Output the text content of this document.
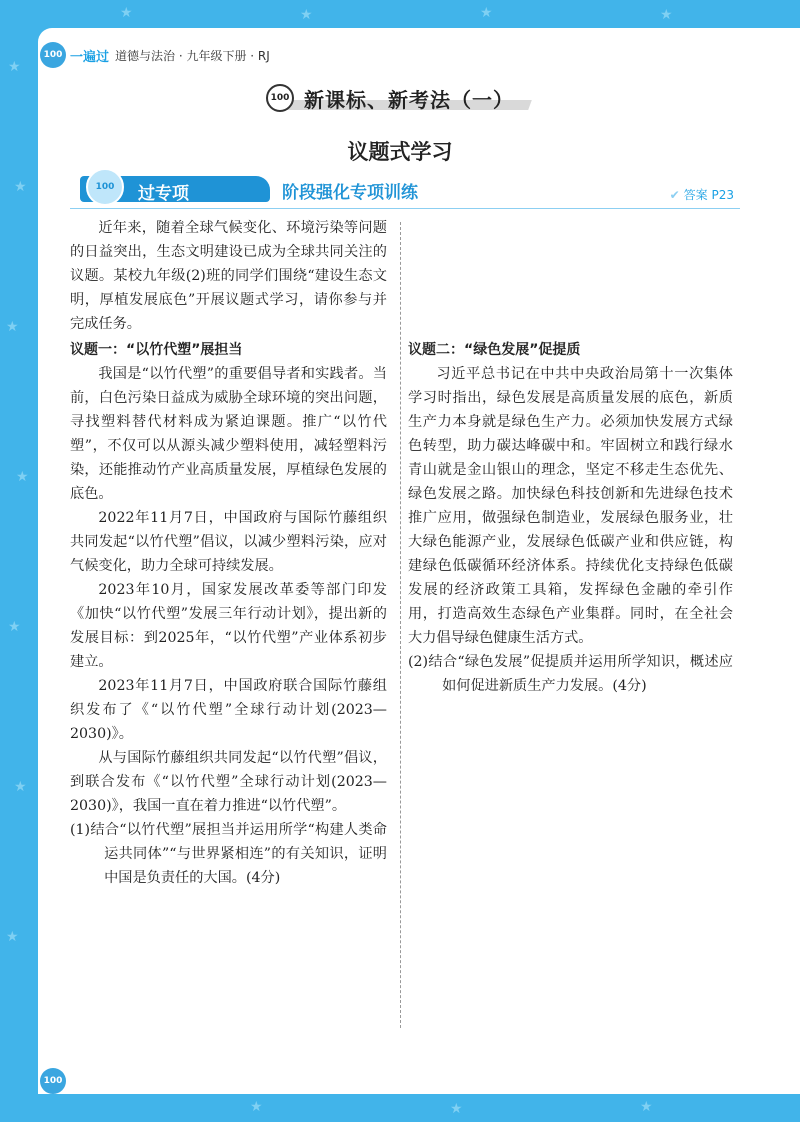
★
★
★
★
★
★
★
★	★	★	★
★	★	★
100 一遍过 道德与法治 · 九年级下册 · RJ
100 新课标、新考法（一）
议题式学习
100	过专项	阶段强化专项训练	✔ 答案 P23

近年来，随着全球气候变化、环境污染等问题的日益突出，生态文明建设已成为全球共同关注的议题。某校九年级(2)班的同学们围绕“建设生态文明，厚植发展底色”开展议题式学习，请你参与并完成任务。

议题一：“以竹代塑”展担当

我国是“以竹代塑”的重要倡导者和实践者。当前，白色污染日益成为威胁全球环境的突出问题，寻找塑料替代材料成为紧迫课题。推广“以竹代塑”，不仅可以从源头减少塑料使用，减轻塑料污染，还能推动竹产业高质量发展，厚植绿色发展的底色。

2022年11月7日，中国政府与国际竹藤组织共同发起“以竹代塑”倡议，以减少塑料污染，应对气候变化，助力全球可持续发展。

2023年10月，国家发展改革委等部门印发《加快“以竹代塑”发展三年行动计划》，提出新的发展目标：到2025年，“以竹代塑”产业体系初步建立。

2023年11月7日，中国政府联合国际竹藤组织发布了《“以竹代塑”全球行动计划(2023—2030)》。

从与国际竹藤组织共同发起“以竹代塑”倡议，到联合发布《“以竹代塑”全球行动计划(2023—2030)》，我国一直在着力推进“以竹代塑”。

(1)结合“以竹代塑”展担当并运用所学“构建人类命运共同体”“与世界紧相连”的有关知识，证明中国是负责任的大国。(4分)

议题二：“绿色发展”促提质

习近平总书记在中共中央政治局第十一次集体学习时指出，绿色发展是高质量发展的底色，新质生产力本身就是绿色生产力。必须加快发展方式绿色转型，助力碳达峰碳中和。牢固树立和践行绿水青山就是金山银山的理念，坚定不移走生态优先、绿色发展之路。加快绿色科技创新和先进绿色技术推广应用，做强绿色制造业，发展绿色服务业，壮大绿色能源产业，发展绿色低碳产业和供应链，构建绿色低碳循环经济体系。持续优化支持绿色低碳发展的经济政策工具箱，发挥绿色金融的牵引作用，打造高效生态绿色产业集群。同时，在全社会大力倡导绿色健康生活方式。

(2)结合“绿色发展”促提质并运用所学知识，概述应如何促进新质生产力发展。(4分)

100 49 上课认真听
下课练不愁
